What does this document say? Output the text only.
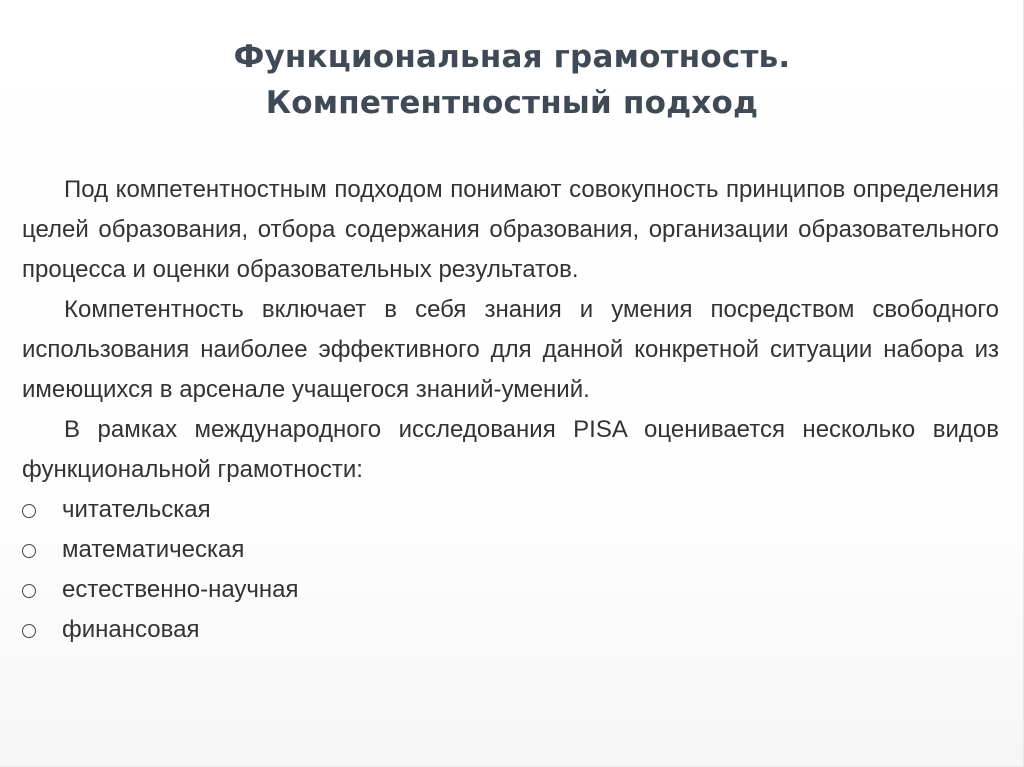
Функциональная грамотность.
Компетентностный подход

Под компетентностным подходом понимают совокупность принципов определения целей образования, отбора содержания образования, организации образовательного процесса и оценки образовательных результатов.

Компетентность включает в себя знания и умения посредством свободного использования наиболее эффективного для данной конкретной ситуации набора из имеющихся в арсенале учащегося знаний-умений.

В рамках международного исследования PISA оценивается несколько видов функциональной грамотности:

читательская
математическая
естественно-научная
финансовая
